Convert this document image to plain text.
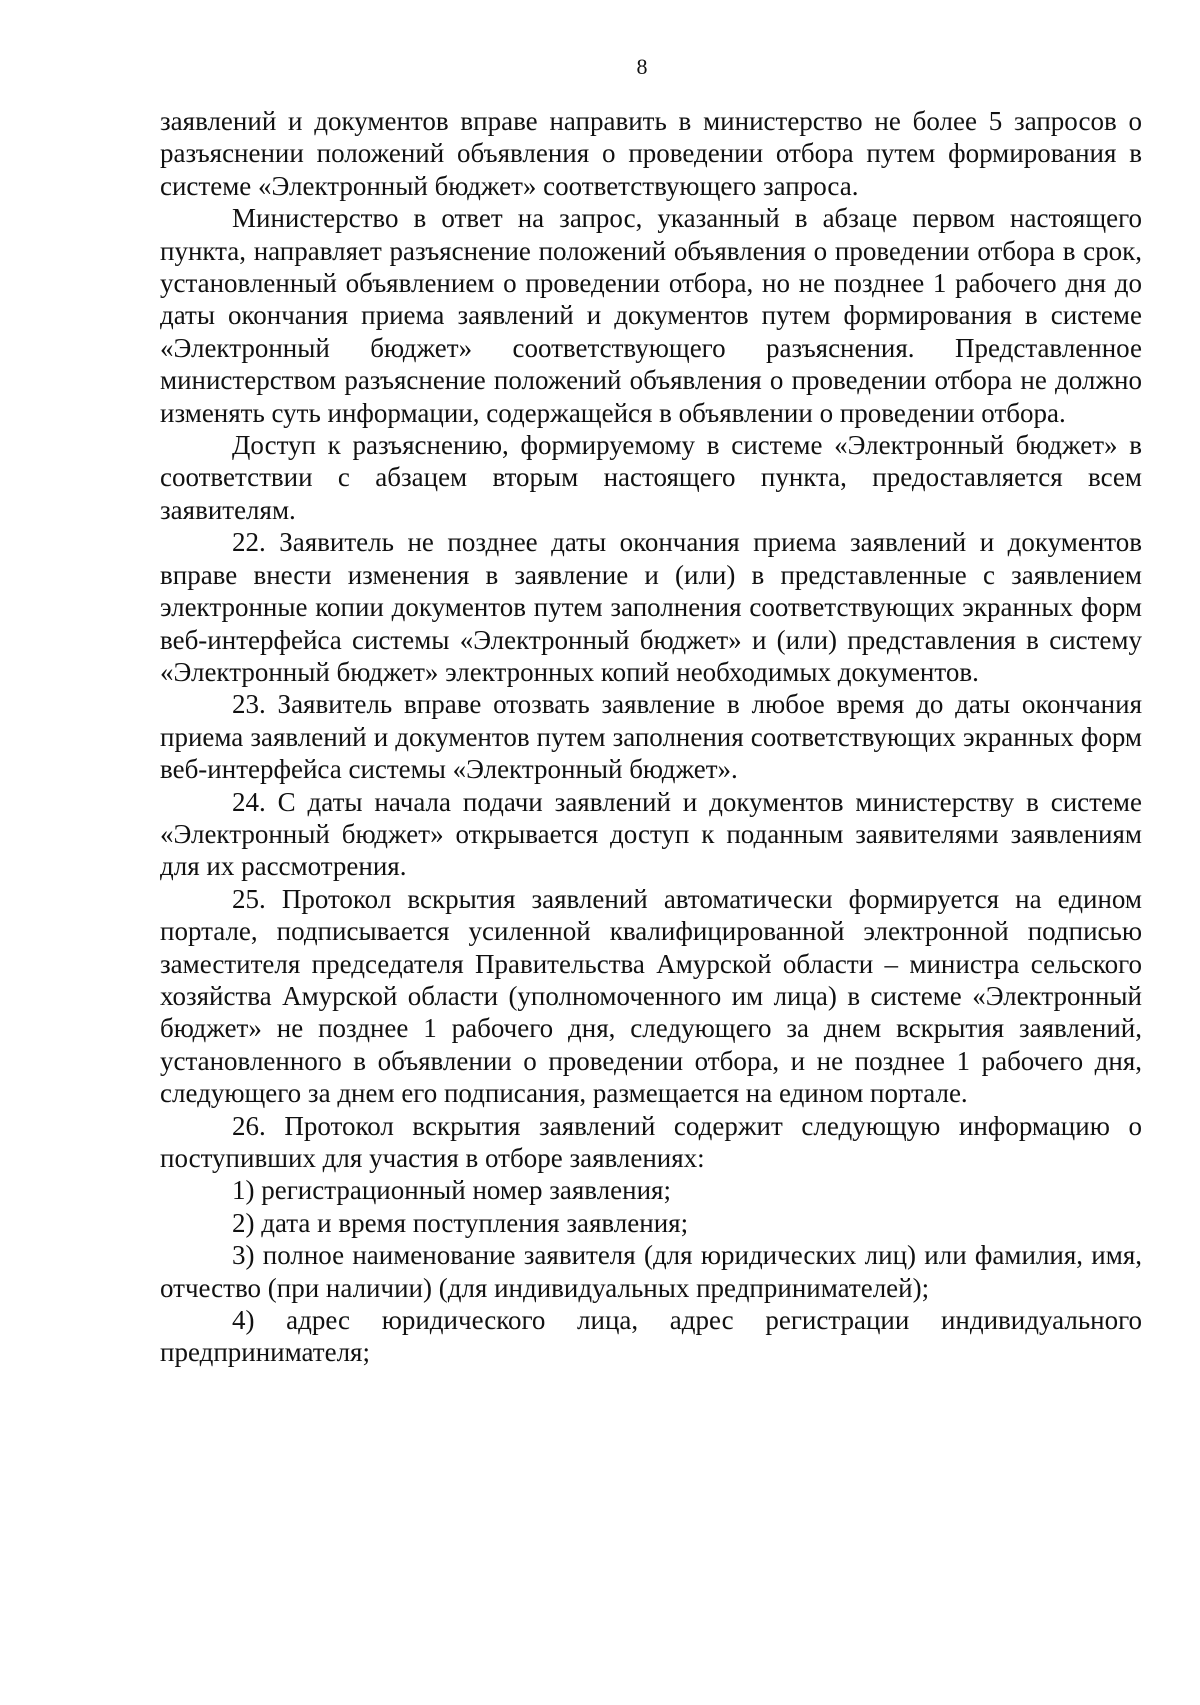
8

заявлений и документов вправе направить в министерство не более 5 запросов о разъяснении положений объявления о проведении отбора путем формирования в системе «Электронный бюджет» соответствующего запроса.

Министерство в ответ на запрос, указанный в абзаце первом настоящего пункта, направляет разъяснение положений объявления о проведении отбора в срок, установленный объявлением о проведении отбора, но не позднее 1 рабочего дня до даты окончания приема заявлений и документов путем формирования в системе «Электронный бюджет» соответствующего разъяснения. Представленное министерством разъяснение положений объявления о проведении отбора не должно изменять суть информации, содержащейся в объявлении о проведении отбора.

Доступ к разъяснению, формируемому в системе «Электронный бюджет» в соответствии с абзацем вторым настоящего пункта, предоставляется всем заявителям.

22. Заявитель не позднее даты окончания приема заявлений и документов вправе внести изменения в заявление и (или) в представленные с заявлением электронные копии документов путем заполнения соответствующих экранных форм веб-интерфейса системы «Электронный бюджет» и (или) представления в систему «Электронный бюджет» электронных копий необходимых документов.

23. Заявитель вправе отозвать заявление в любое время до даты окончания приема заявлений и документов путем заполнения соответствующих экранных форм веб-интерфейса системы «Электронный бюджет».

24. С даты начала подачи заявлений и документов министерству в системе «Электронный бюджет» открывается доступ к поданным заявителями заявлениям для их рассмотрения.

25. Протокол вскрытия заявлений автоматически формируется на едином портале, подписывается усиленной квалифицированной электронной подписью заместителя председателя Правительства Амурской области – министра сельского хозяйства Амурской области (уполномоченного им лица) в системе «Электронный бюджет» не позднее 1 рабочего дня, следующего за днем вскрытия заявлений, установленного в объявлении о проведении отбора, и не позднее 1 рабочего дня, следующего за днем его подписания, размещается на едином портале.

26. Протокол вскрытия заявлений содержит следующую информацию о поступивших для участия в отборе заявлениях:

1) регистрационный номер заявления;

2) дата и время поступления заявления;

3) полное наименование заявителя (для юридических лиц) или фамилия, имя, отчество (при наличии) (для индивидуальных предпринимателей);

4) адрес юридического лица, адрес регистрации индивидуального предпринимателя;
